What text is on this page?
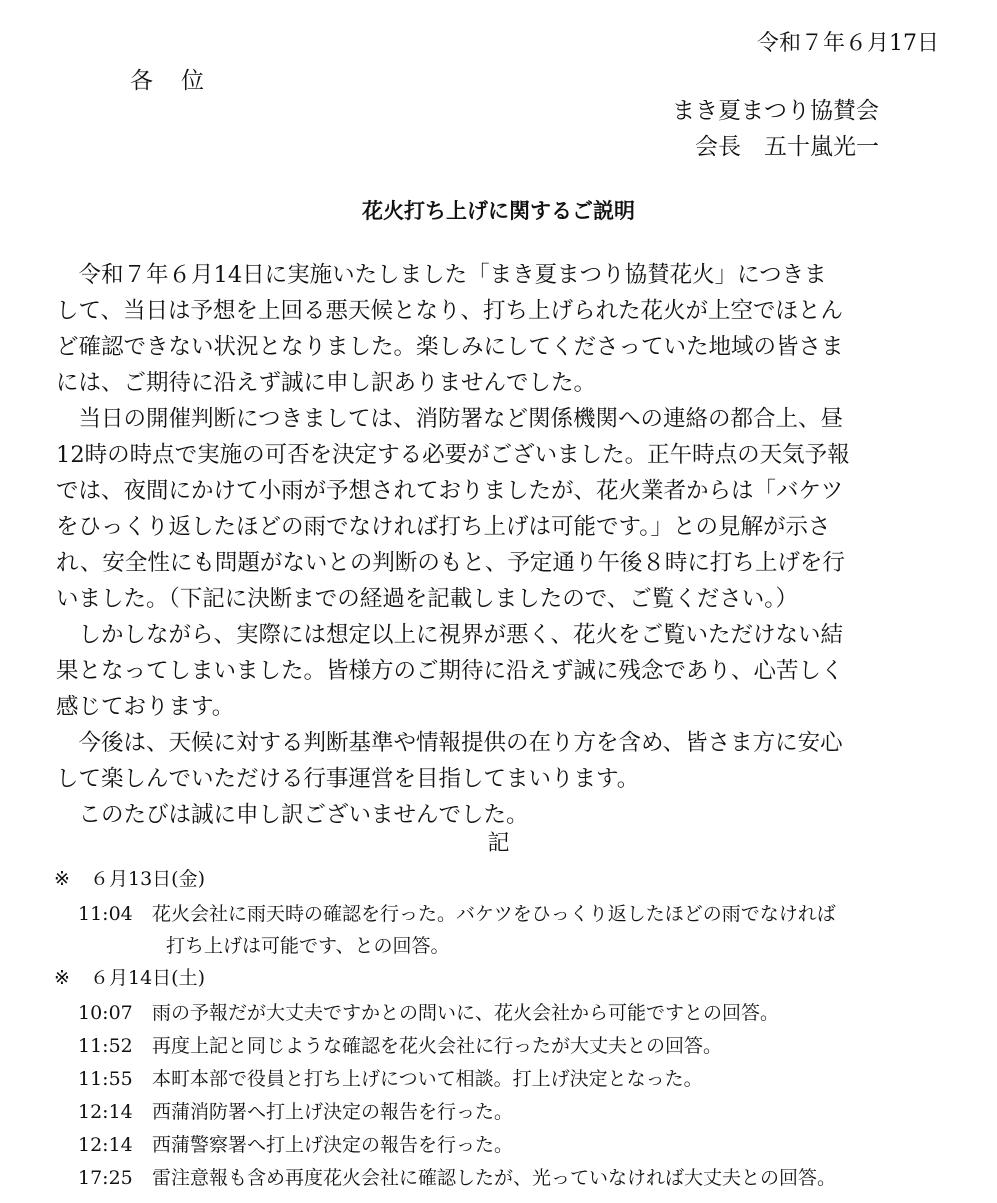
令和７年６月17日
各位
まき夏まつり協賛会
会長　五十嵐光一
花火打ち上げに関するご説明
　令和７年６月14日に実施いたしました「まき夏まつり協賛花火」につきま
して、当日は予想を上回る悪天候となり、打ち上げられた花火が上空でほとん
ど確認できない状況となりました。楽しみにしてくださっていた地域の皆さま
には、ご期待に沿えず誠に申し訳ありませんでした。
　当日の開催判断につきましては、消防署など関係機関への連絡の都合上、昼
12時の時点で実施の可否を決定する必要がございました。正午時点の天気予報
では、夜間にかけて小雨が予想されておりましたが、花火業者からは「バケツ
をひっくり返したほどの雨でなければ打ち上げは可能です。」との見解が示さ
れ、安全性にも問題がないとの判断のもと、予定通り午後８時に打ち上げを行
いました。（下記に決断までの経過を記載しましたので、ご覧ください。）
　しかしながら、実際には想定以上に視界が悪く、花火をご覧いただけない結
果となってしまいました。皆様方のご期待に沿えず誠に残念であり、心苦しく
感じております。
　今後は、天候に対する判断基準や情報提供の在り方を含め、皆さま方に安心
して楽しんでいただける行事運営を目指してまいります。
　このたびは誠に申し訳ございませんでした。
記
※ ６月13日(金)
11:04 花火会社に雨天時の確認を行った。バケツをひっくり返したほどの雨でなければ
打ち上げは可能です、との回答。
※ ６月14日(土)
10:07 雨の予報だが大丈夫ですかとの問いに、花火会社から可能ですとの回答。
11:52 再度上記と同じような確認を花火会社に行ったが大丈夫との回答。
11:55 本町本部で役員と打ち上げについて相談。打上げ決定となった。
12:14 西蒲消防署へ打上げ決定の報告を行った。
12:14 西蒲警察署へ打上げ決定の報告を行った。
17:25 雷注意報も含め再度花火会社に確認したが、光っていなければ大丈夫との回答。
